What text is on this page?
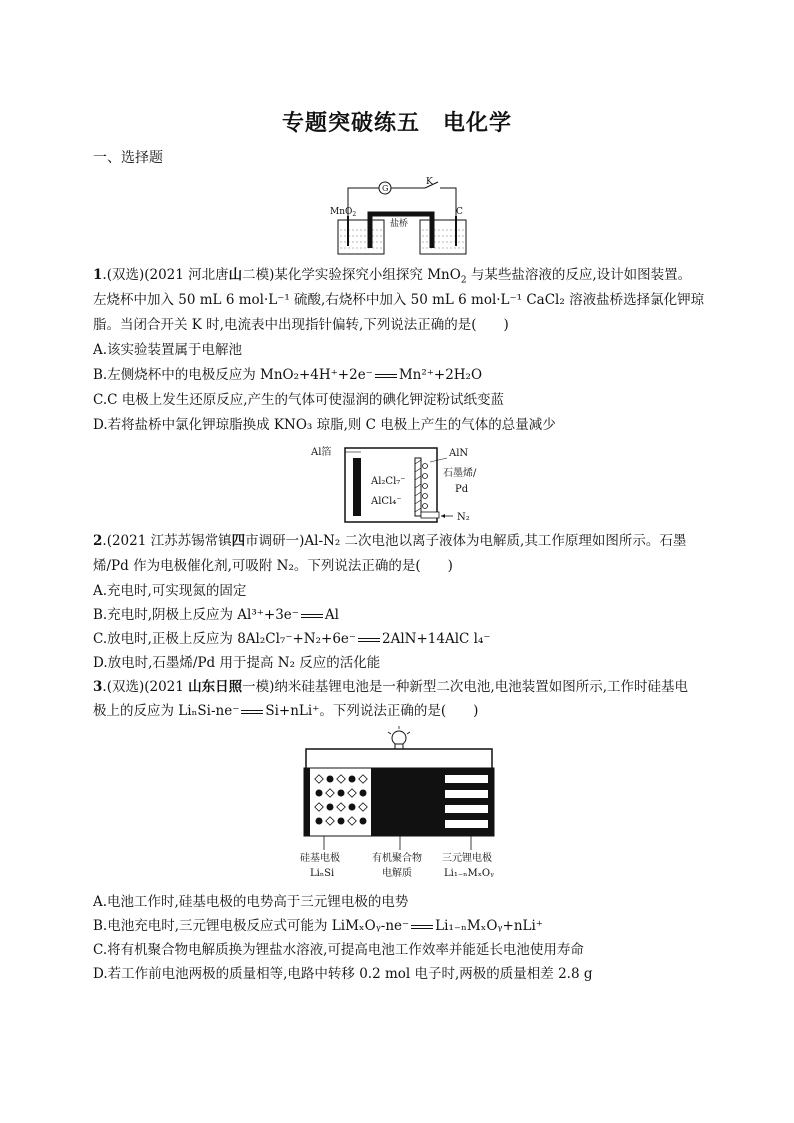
专题突破练五　电化学
一、选择题
G
K
MnO$_2$
盐桥
C
1.(双选)(2021 河北唐山二模)某化学实验探究小组探究 MnO$_2$ 与某些盐溶液的反应,设计如图装置。
左烧杯中加入 50 mL 6 mol·L⁻¹ 硫酸,右烧杯中加入 50 mL 6 mol·L⁻¹ CaCl₂ 溶液盐桥选择氯化钾琼
脂。当闭合开关 K 时,电流表中出现指针偏转,下列说法正确的是(　　)
A.该实验装置属于电解池
B.左侧烧杯中的电极反应为 MnO₂+4H⁺+2e⁻ Mn²⁺+2H₂O
C.C 电极上发生还原反应,产生的气体可使湿润的碘化钾淀粉试纸变蓝
D.若将盐桥中氯化钾琼脂换成 KNO₃ 琼脂,则 C 电极上产生的气体的总量减少
Al箔
Al₂Cl₇⁻
AlCl₄⁻
AlN
石墨烯/
Pd
N₂
2.(2021 江苏苏锡常镇四市调研一)Al-N₂ 二次电池以离子液体为电解质,其工作原理如图所示。石墨
烯/Pd 作为电极催化剂,可吸附 N₂。下列说法正确的是(　　)
A.充电时,可实现氮的固定
B.充电时,阴极上反应为 Al³⁺+3e⁻ Al
C.放电时,正极上反应为 8Al₂Cl₇⁻+N₂+6e⁻ 2AlN+14AlC l₄⁻
D.放电时,石墨烯/Pd 用于提高 N₂ 反应的活化能
3.(双选)(2021 山东日照一模)纳米硅基锂电池是一种新型二次电池,电池装置如图所示,工作时硅基电
极上的反应为 LiₙSi-ne⁻ Si+nLi⁺。下列说法正确的是(　　)
硅基电极
LiₙSi
有机聚合物
电解质
三元锂电极
Li₁₋ₙMₓOᵧ
A.电池工作时,硅基电极的电势高于三元锂电极的电势
B.电池充电时,三元锂电极反应式可能为 LiMₓOᵧ-ne⁻ Li₁₋ₙMₓOᵧ+nLi⁺
C.将有机聚合物电解质换为锂盐水溶液,可提高电池工作效率并能延长电池使用寿命
D.若工作前电池两极的质量相等,电路中转移 0.2 mol 电子时,两极的质量相差 2.8 g
